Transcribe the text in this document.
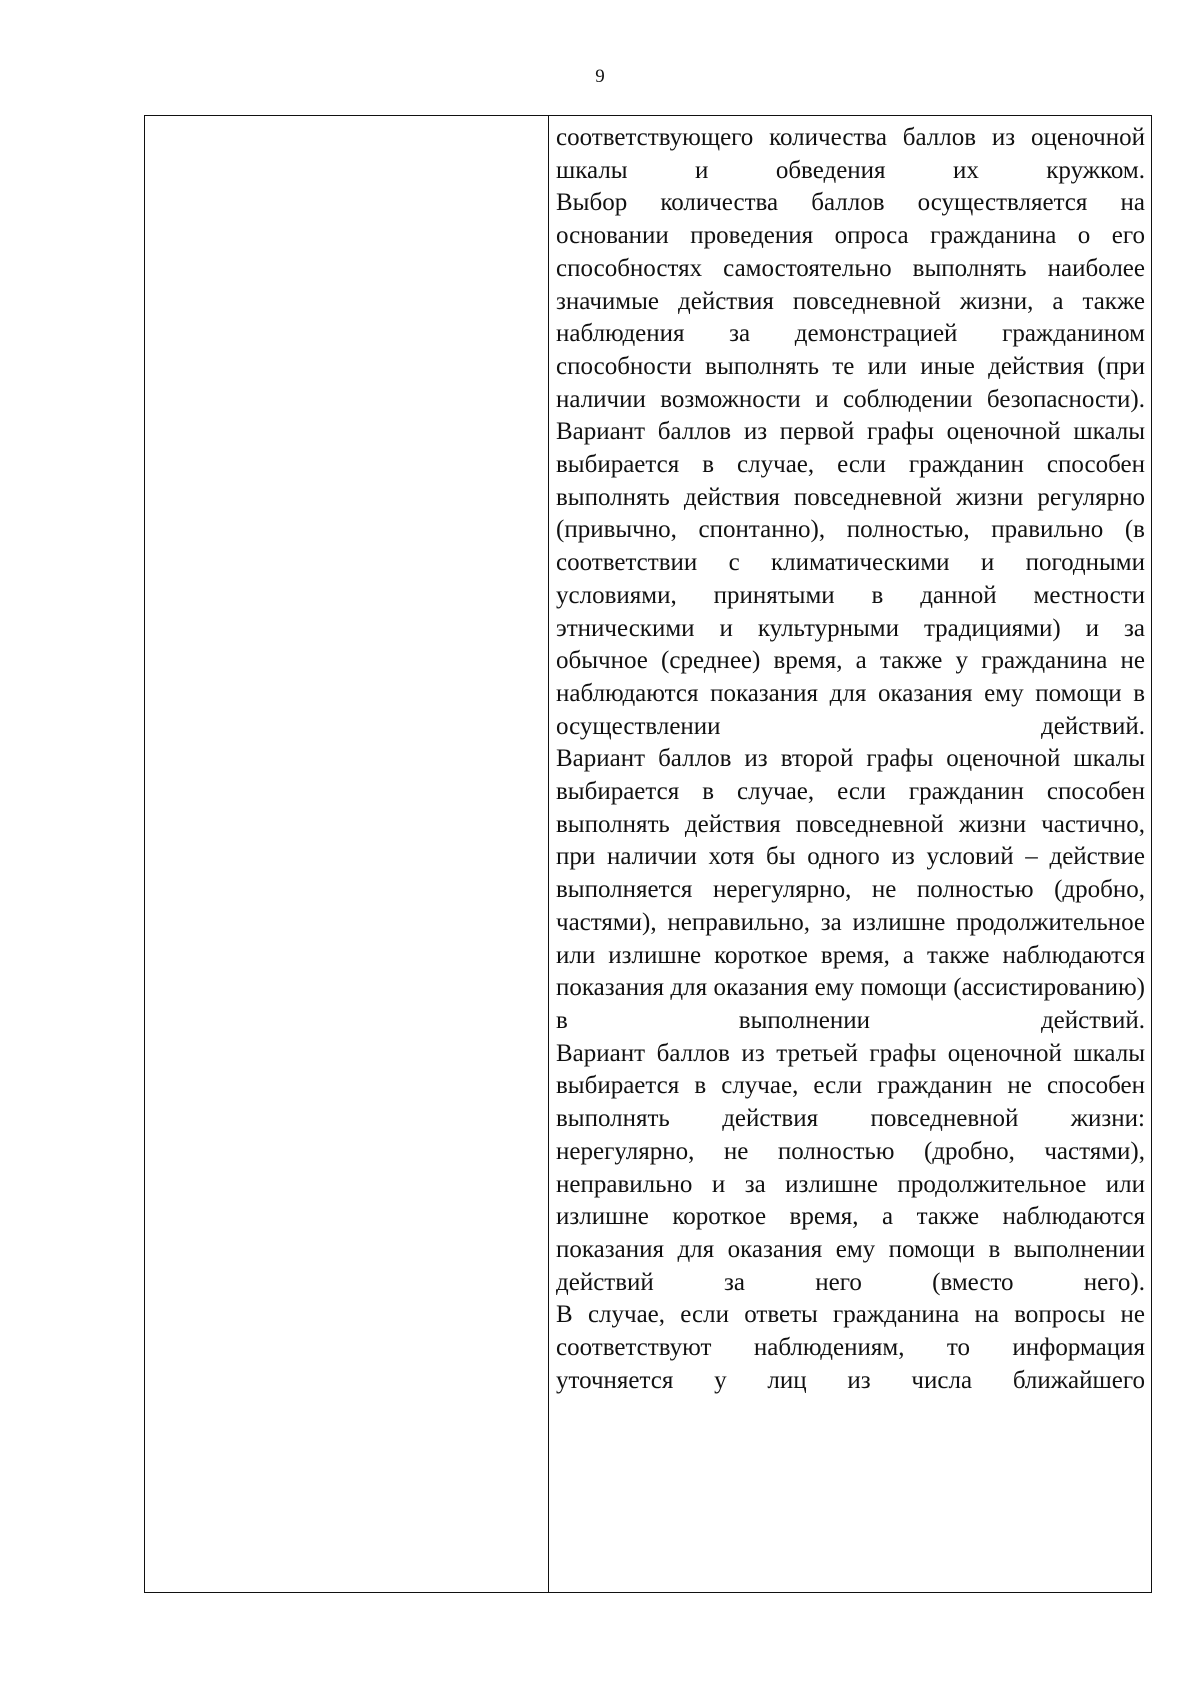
9

соответствующего количества баллов из оценочной шкалы и обведения их кружком.

Выбор количества баллов осуществляется на основании проведения опроса гражданина о его способностях самостоятельно выполнять наиболее значимые действия повседневной жизни, а также наблюдения за демонстрацией гражданином способности выполнять те или иные действия (при наличии возможности и соблюдении безопасности).

Вариант баллов из первой графы оценочной шкалы выбирается в случае, если гражданин способен выполнять действия повседневной жизни регулярно (привычно, спонтанно), полностью, правильно (в соответствии с климатическими и погодными условиями, принятыми в данной местности этническими и культурными традициями) и за обычное (среднее) время, а также у гражданина не наблюдаются показания для оказания ему помощи в осуществлении действий.

Вариант баллов из второй графы оценочной шкалы выбирается в случае, если гражданин способен выполнять действия повседневной жизни частично, при наличии хотя бы одного из условий – действие выполняется нерегулярно, не полностью (дробно, частями), неправильно, за излишне продолжительное или излишне короткое время, а также наблюдаются показания для оказания ему помощи (ассистированию) в выполнении действий.

Вариант баллов из третьей графы оценочной шкалы выбирается в случае, если гражданин не способен выполнять действия повседневной жизни: нерегулярно, не полностью (дробно, частями), неправильно и за излишне продолжительное или излишне короткое время, а также наблюдаются показания для оказания ему помощи в выполнении действий за него (вместо него).

В случае, если ответы гражданина на вопросы не соответствуют наблюдениям, то информация уточняется у лиц из числа ближайшего
